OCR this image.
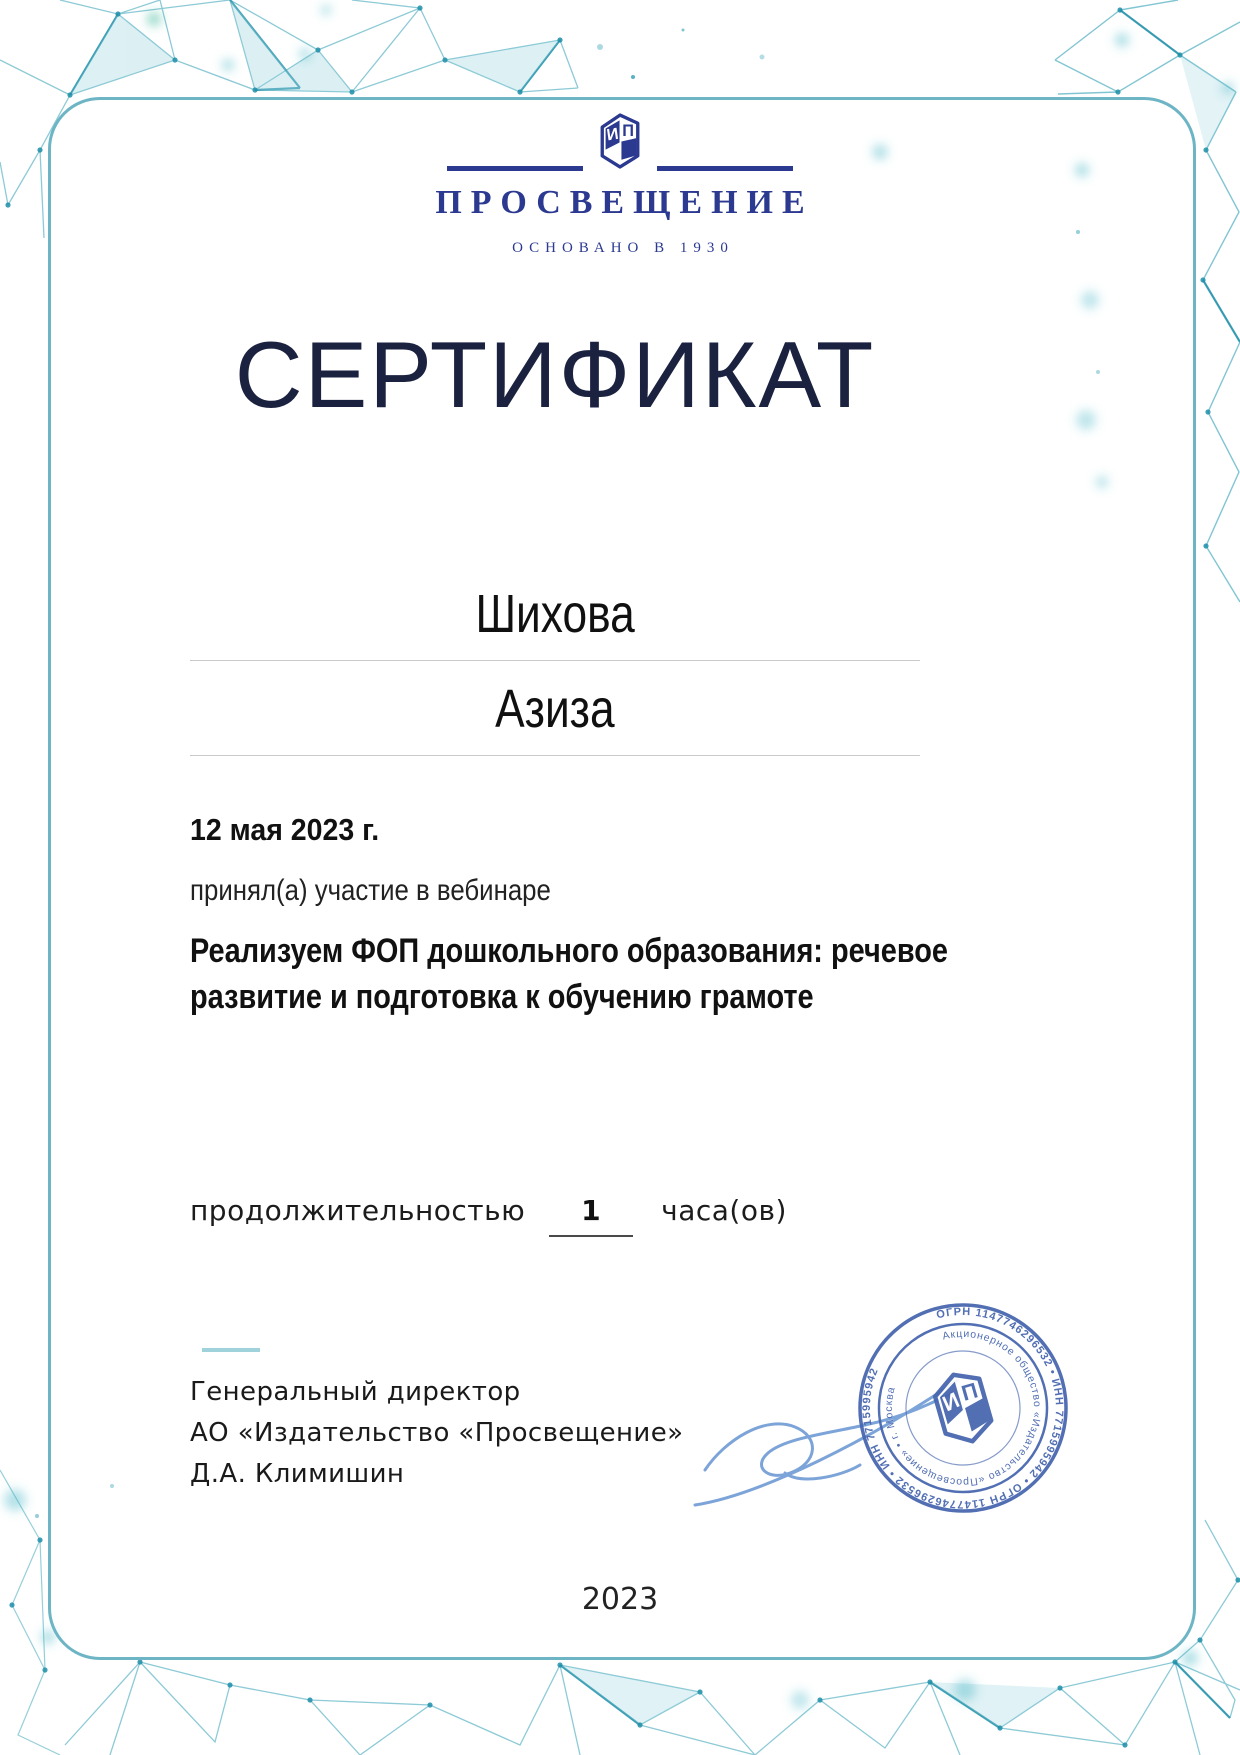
ПРОСВЕЩЕНИЕ
ОСНОВАНО В 1930
СЕРТИФИКАТ
Шихова
Азиза
12 мая 2023 г.
принял(а) участие в вебинаре
Реализуем ФОП дошкольного образования: речевое развитие и подготовка к обучению грамоте
продолжительностью	1	часа(ов)
Генеральный директор
АО «Издательство «Просвещение»
Д.А. Климишин
ОГРН 1147746296532 • ИНН 7715995942 • ОГРН 1147746296532 • ИНН 7715995942
Акционерное общество «Издательство «Просвещение» • г. Москва
2023
